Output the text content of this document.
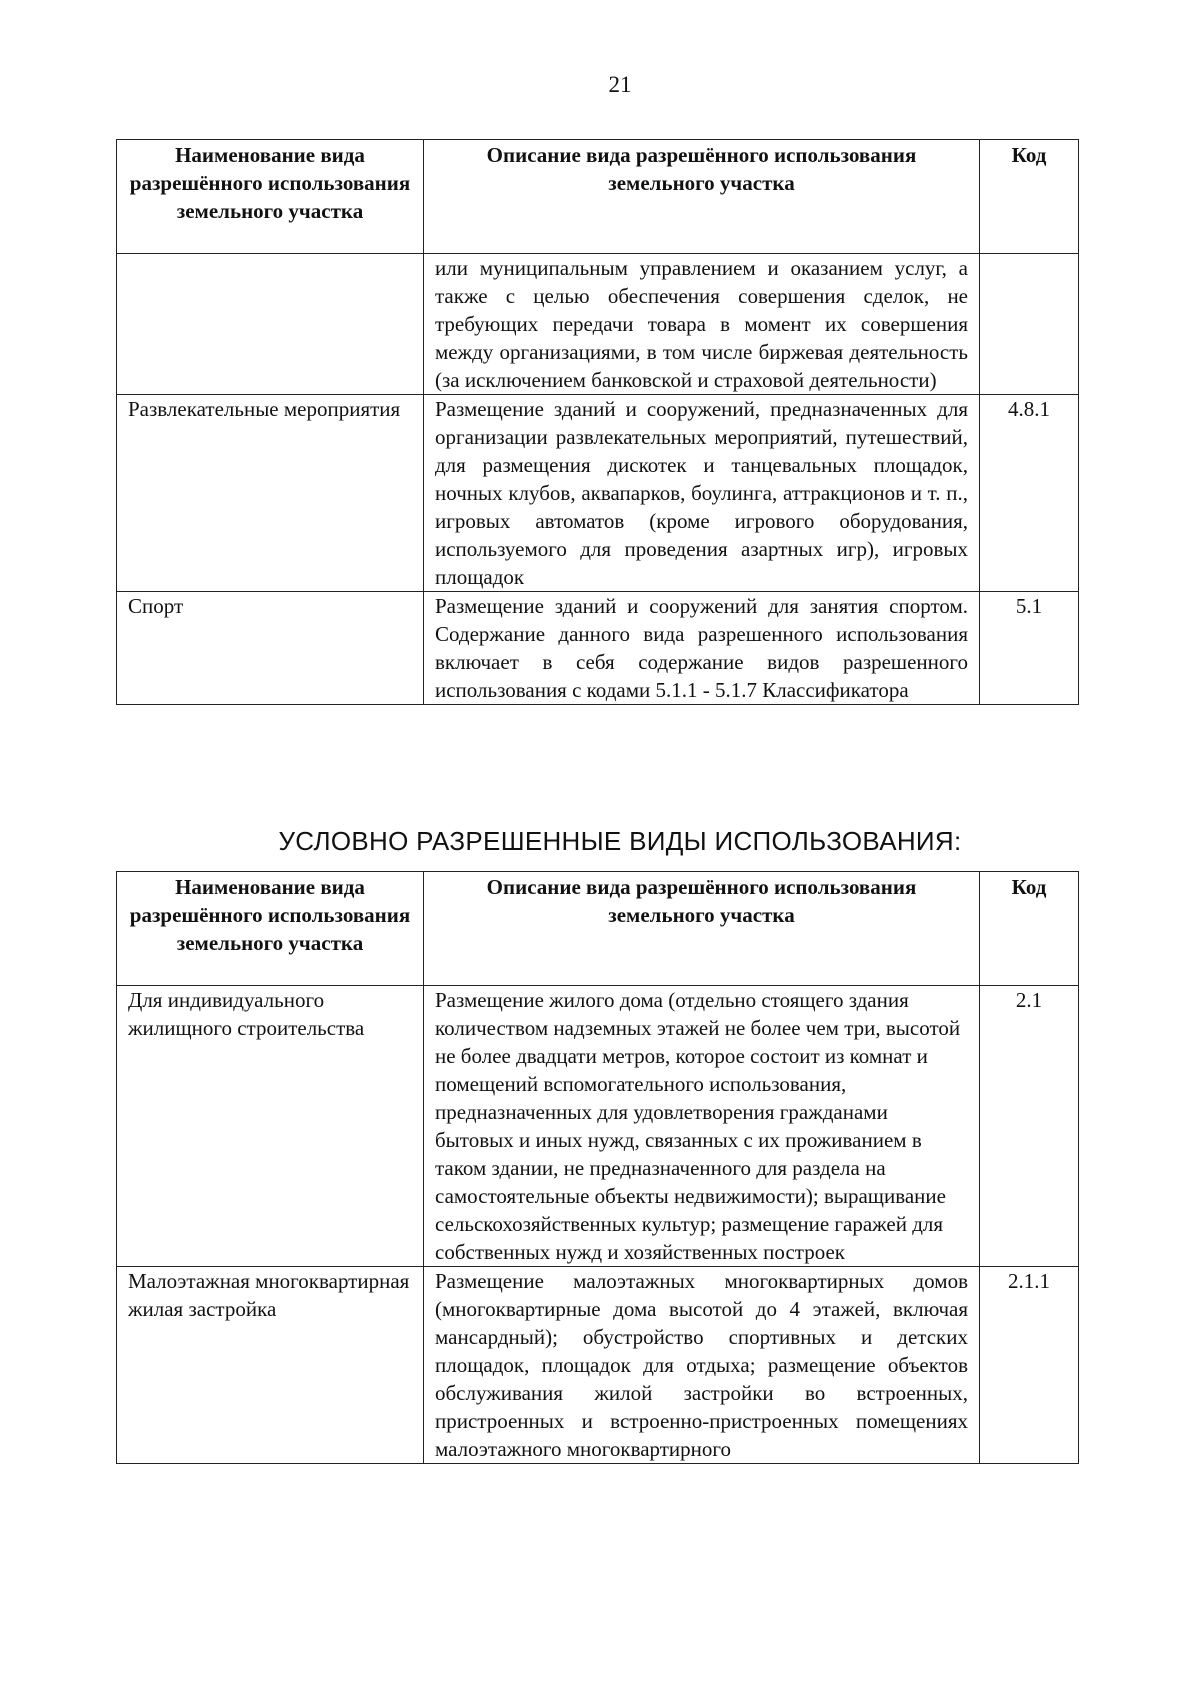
21
Наименование вида разрешённого использования земельного участка	Описание вида разрешённого использования земельного участка	Код
	или муниципальным управлением и оказанием услуг, а также с целью обеспечения совершения сделок, не требующих передачи товара в момент их совершения между организациями, в том числе биржевая деятельность (за исключением банковской и страховой деятельности)	
Развлекательные мероприятия	Размещение зданий и сооружений, предназначенных для организации развлекательных мероприятий, путешествий, для размещения дискотек и танцевальных площадок, ночных клубов, аквапарков, боулинга, аттракционов и т. п., игровых автоматов (кроме игрового оборудования, используемого для проведения азартных игр), игровых площадок	4.8.1
Спорт	Размещение зданий и сооружений для занятия спортом. Содержание данного вида разрешенного использования включает в себя содержание видов разрешенного использования с кодами 5.1.1 - 5.1.7 Классификатора	5.1
УСЛОВНО РАЗРЕШЕННЫЕ ВИДЫ ИСПОЛЬЗОВАНИЯ:
Наименование вида разрешённого использования земельного участка	Описание вида разрешённого использования земельного участка	Код
Для индивидуального жилищного строительства	Размещение жилого дома (отдельно стоящего здания количеством надземных этажей не более чем три, высотой не более двадцати метров, которое состоит из комнат и помещений вспомогательного использования, предназначенных для удовлетворения гражданами бытовых и иных нужд, связанных с их проживанием в таком здании, не предназначенного для раздела на самостоятельные объекты недвижимости); выращивание сельскохозяйственных культур; размещение гаражей для собственных нужд и хозяйственных построек	2.1
Малоэтажная многоквартирная жилая застройка	Размещение малоэтажных многоквартирных домов (многоквартирные дома высотой до 4 этажей, включая мансардный); обустройство спортивных и детских площадок, площадок для отдыха; размещение объектов обслуживания жилой застройки во встроенных, пристроенных и встроенно-пристроенных помещениях малоэтажного многоквартирного	2.1.1
